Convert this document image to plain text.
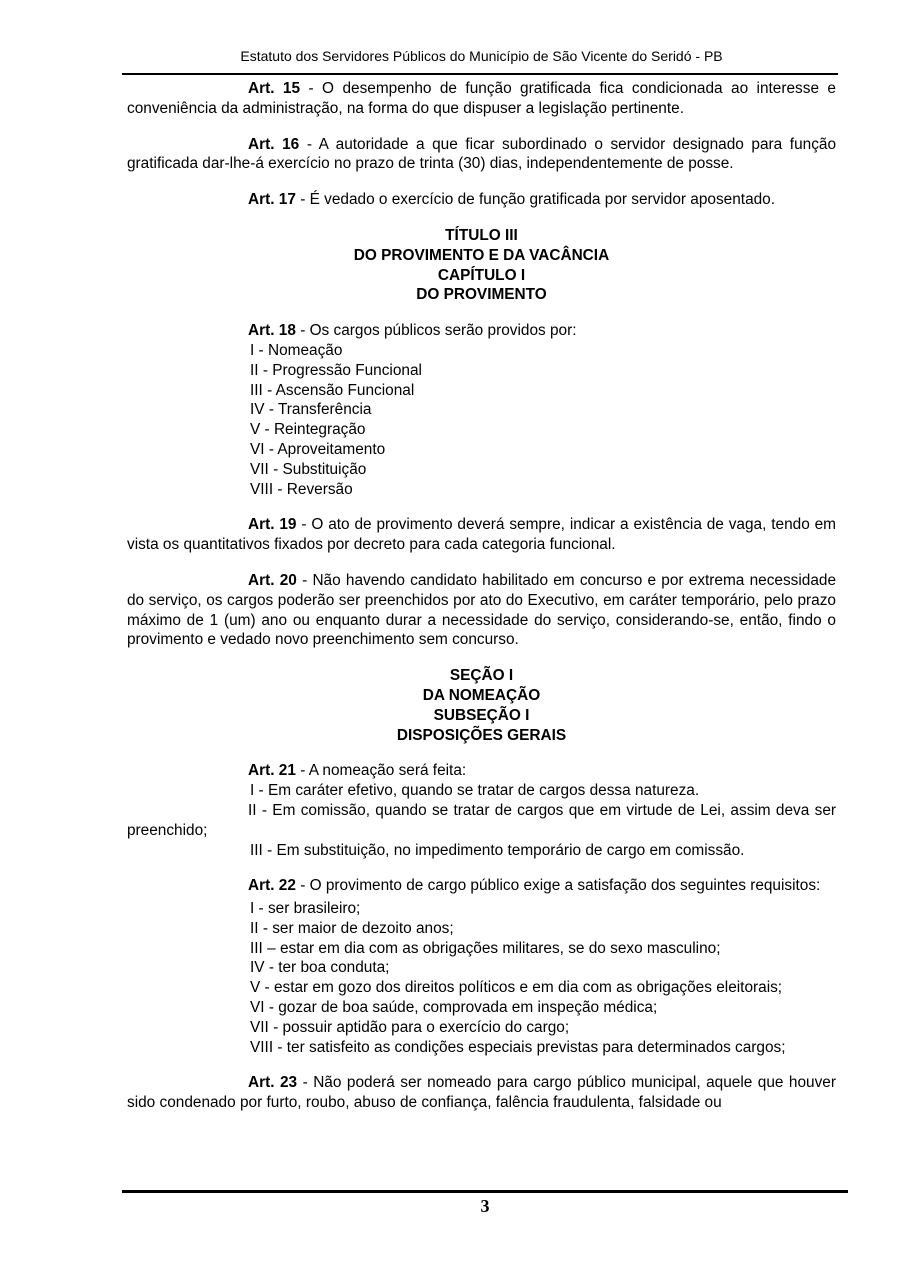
Estatuto dos Servidores Públicos do Município de São Vicente do Seridó - PB

Art. 15 - O desempenho de função gratificada fica condicionada ao interesse e conveniência da administração, na forma do que dispuser a legislação pertinente.

Art. 16 - A autoridade a que ficar subordinado o servidor designado para função gratificada dar-lhe-á exercício no prazo de trinta (30) dias, independentemente de posse.

Art. 17 - É vedado o exercício de função gratificada por servidor aposentado.

TÍTULO III

DO PROVIMENTO E DA VACÂNCIA

CAPÍTULO I

DO PROVIMENTO

Art. 18 - Os cargos públicos serão providos por:

I - Nomeação

II - Progressão Funcional

III - Ascensão Funcional

IV - Transferência

V - Reintegração

VI - Aproveitamento

VII - Substituição

VIII - Reversão

Art. 19 - O ato de provimento deverá sempre, indicar a existência de vaga, tendo em vista os quantitativos fixados por decreto para cada categoria funcional.

Art. 20 - Não havendo candidato habilitado em concurso e por extrema necessidade do serviço, os cargos poderão ser preenchidos por ato do Executivo, em caráter temporário, pelo prazo máximo de 1 (um) ano ou enquanto durar a necessidade do serviço, considerando-se, então, findo o provimento e vedado novo preenchimento sem concurso.

SEÇÃO I

DA NOMEAÇÃO

SUBSEÇÃO I

DISPOSIÇÕES GERAIS

Art. 21 - A nomeação será feita:

I - Em caráter efetivo, quando se tratar de cargos dessa natureza.

II - Em comissão, quando se tratar de cargos que em virtude de Lei, assim deva ser preenchido;

III - Em substituição, no impedimento temporário de cargo em comissão.

Art. 22 - O provimento de cargo público exige a satisfação dos seguintes requisitos:

I - ser brasileiro;

II - ser maior de dezoito anos;

III – estar em dia com as obrigações militares, se do sexo masculino;

IV - ter boa conduta;

V - estar em gozo dos direitos políticos e em dia com as obrigações eleitorais;

VI - gozar de boa saúde, comprovada em inspeção médica;

VII - possuir aptidão para o exercício do cargo;

VIII - ter satisfeito as condições especiais previstas para determinados cargos;

Art. 23 - Não poderá ser nomeado para cargo público municipal, aquele que houver sido condenado por furto, roubo, abuso de confiança, falência fraudulenta, falsidade ou

3
